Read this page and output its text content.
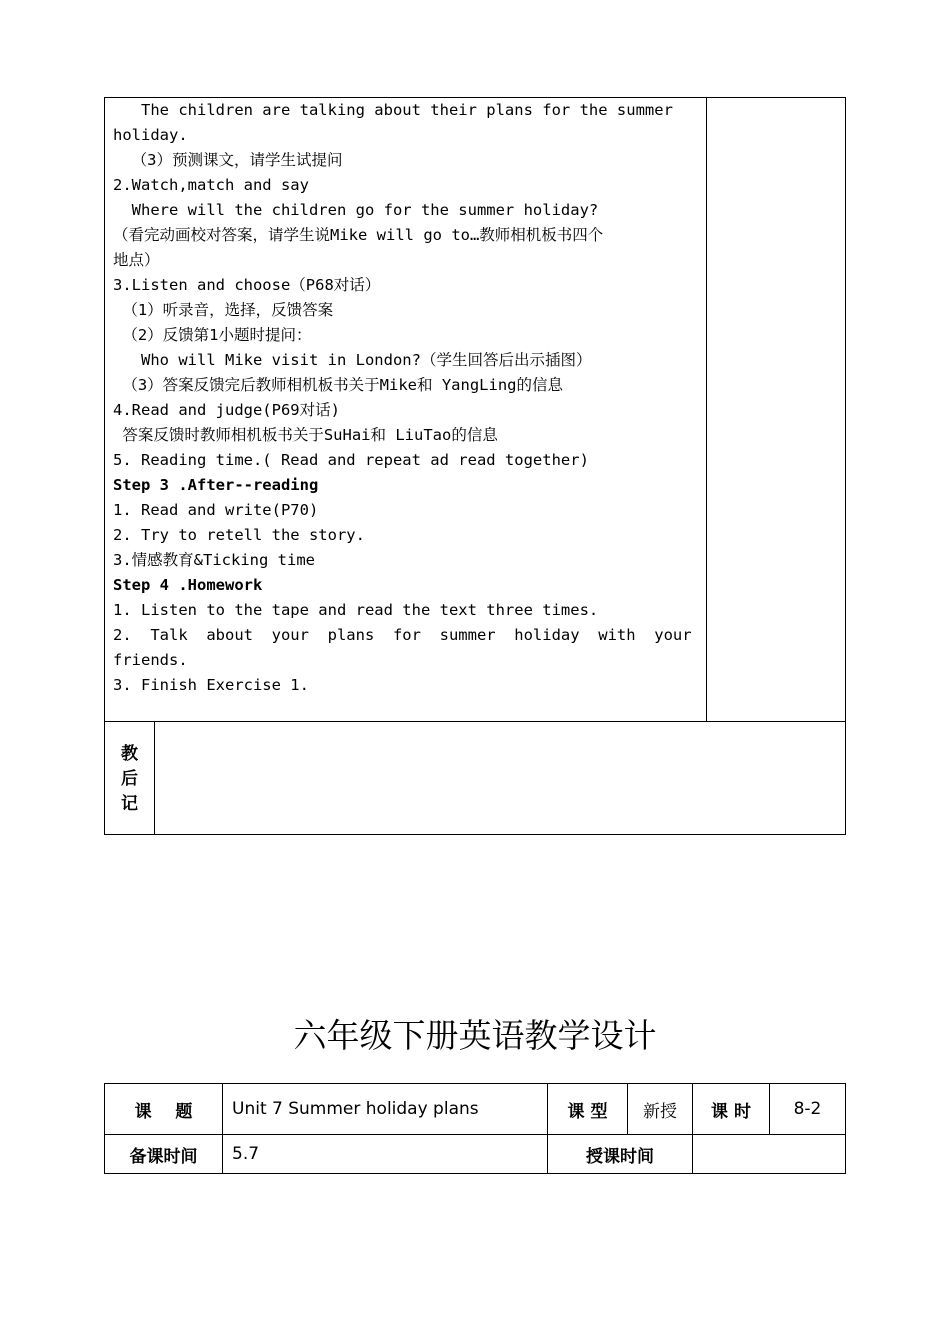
The children are talking about their plans for the summer
holiday.
（3）预测课文，请学生试提问
2.Watch,match and say
Where will the children go for the summer holiday?
（看完动画校对答案，请学生说Mike will go to…教师相机板书四个
地点）
3.Listen and choose（P68对话）
（1）听录音，选择，反馈答案
（2）反馈第1小题时提问：
Who will Mike visit in London?（学生回答后出示插图）
（3）答案反馈完后教师相机板书关于Mike和 YangLing的信息
4.Read and judge(P69对话)
答案反馈时教师相机板书关于SuHai和 LiuTao的信息
5. Reading time.( Read and repeat ad read together)
Step 3 .After--reading
1. Read and write(P70)
2. Try to retell the story.
3.情感教育&Ticking time
Step 4 .Homework
1. Listen to the tape and read the text three times.
2.  Talk  about  your  plans  for  summer  holiday  with  your
friends.
3. Finish Exercise 1.
教
后
记
六年级下册英语教学设计
课    题	Unit 7 Summer holiday plans	课 型	新授	课 时	8-2
备课时间	5.7	授课时间
